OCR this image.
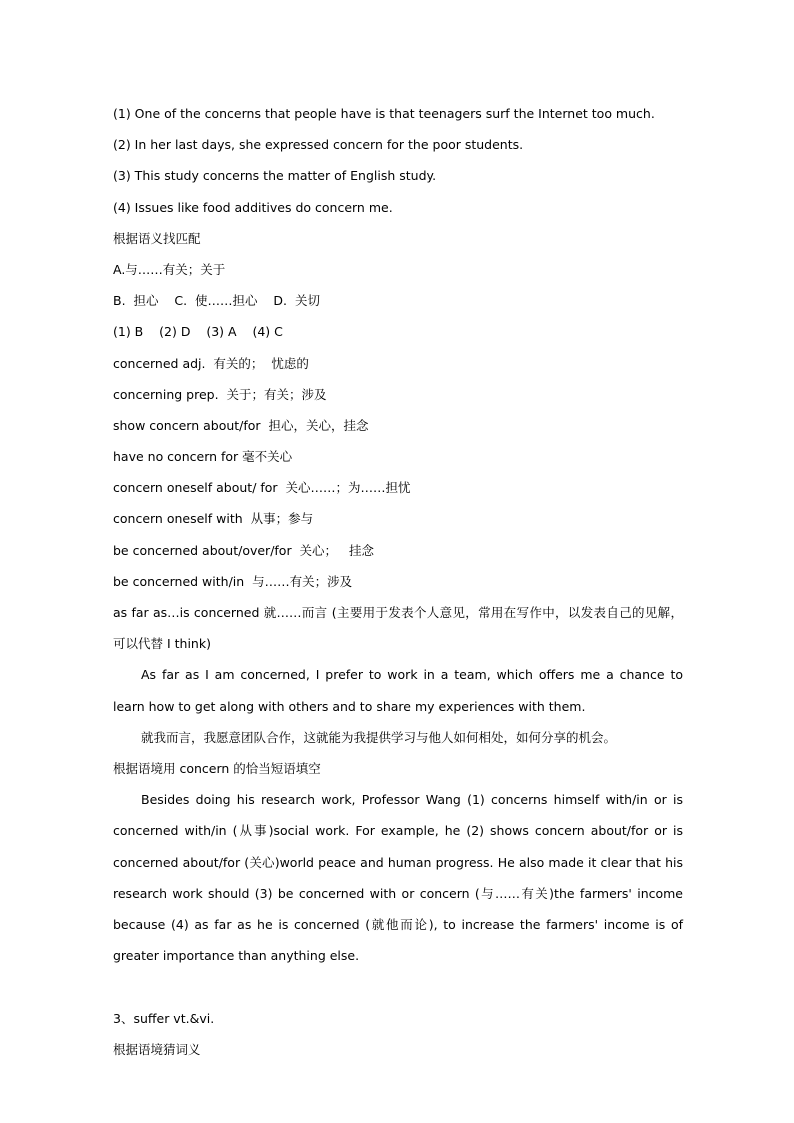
(1) One of the concerns that people have is that teenagers surf the Internet too much.

(2) In her last days, she expressed concern for the poor students.

(3) This study concerns the matter of English study.

(4) Issues like food additives do concern me.

根据语义找匹配

A.与……有关；关于

B.  担心    C.  使……担心    D.  关切

(1) B    (2) D    (3) A    (4) C

concerned adj.  有关的；  忧虑的

concerning prep.  关于；有关；涉及

show concern about/for  担心，关心，挂念

have no concern for 毫不关心

concern oneself about/ for  关心……；为……担忧

concern oneself with  从事；参与

be concerned about/over/for  关心；   挂念

be concerned with/in  与……有关；涉及

as far as…is concerned 就……而言 (主要用于发表个人意见，常用在写作中，以发表自己的见解，可以代替 I think)

As far as I am concerned, I prefer to work in a team, which offers me a chance to learn how to get along with others and to share my experiences with them.

就我而言，我愿意团队合作，这就能为我提供学习与他人如何相处，如何分享的机会。

根据语境用 concern 的恰当短语填空

Besides doing his research work, Professor Wang (1) concerns himself with/in or is concerned with/in (从事)social work. For example, he (2) shows concern about/for or is concerned about/for (关心)world peace and human progress. He also made it clear that his research work should (3) be concerned with or concern (与……有关)the farmers' income because (4) as far as he is concerned (就他而论), to increase the farmers' income is of greater importance than anything else.

3、suffer vt.&vi.

根据语境猜词义
